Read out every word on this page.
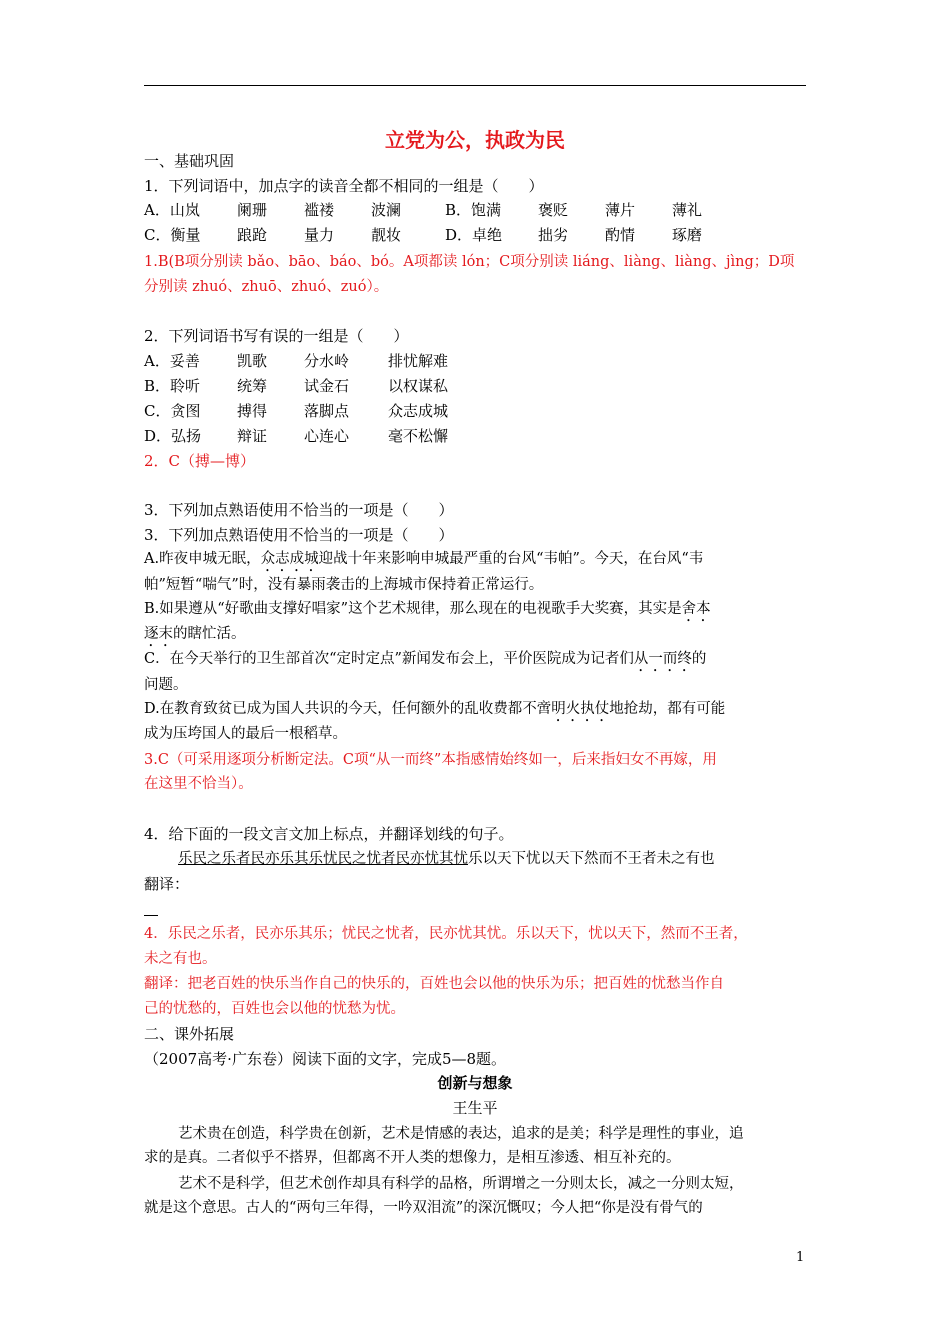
立党为公，执政为民
一、基础巩固
1．下列词语中，加点字的读音全都不相同的一组是（　　）
A．山岚 阑珊 褴褛 波澜	B．饱满 褒贬 薄片 薄礼
C．衡量 踉跄 量力 靓妆	D．卓绝 拙劣 酌情 琢磨
1.B(B项分别读 bǎo、bāo、báo、bó。A项都读 lón；C项分别读 liáng、liàng、liàng、jìng；D项
分别读 zhuó、zhuō、zhuó、zuó）。
2．下列词语书写有误的一组是（　　）
A．妥善 凯歌 分水岭	排忧解难
B．聆听 统筹 试金石	以权谋私
C．贪图 搏得 落脚点	众志成城
D．弘扬 辩证 心连心	毫不松懈
2．C（搏—博）
3．下列加点熟语使用不恰当的一项是（　　）
3．下列加点熟语使用不恰当的一项是（　　）
A.昨夜申城无眠，众志成城迎战十年来影响申城最严重的台风“韦帕”。今天，在台风“韦
帕”短暂“喘气”时，没有暴雨袭击的上海城市保持着正常运行。
B.如果遵从“好歌曲支撑好唱家”这个艺术规律，那么现在的电视歌手大奖赛，其实是舍本
逐末的瞎忙活。
C．在今天举行的卫生部首次“定时定点”新闻发布会上，平价医院成为记者们从一而终的
问题。
D.在教育致贫已成为国人共识的今天，任何额外的乱收费都不啻明火执仗地抢劫，都有可能
成为压垮国人的最后一根稻草。
3.C（可采用逐项分析断定法。C项“从一而终”本指感情始终如一，后来指妇女不再嫁，用
在这里不恰当）。
4．给下面的一段文言文加上标点，并翻译划线的句子。
乐民之乐者民亦乐其乐忧民之忧者民亦忧其忧乐以天下忧以天下然而不王者未之有也
翻译：
4．乐民之乐者，民亦乐其乐；忧民之忧者，民亦忧其忧。乐以天下，忧以天下，然而不王者，
未之有也。
翻译：把老百姓的快乐当作自己的快乐的，百姓也会以他的快乐为乐；把百姓的忧愁当作自
己的忧愁的，百姓也会以他的忧愁为忧。
二、课外拓展
（2007高考·广东卷）阅读下面的文字，完成5—8题。
创新与想象
王生平
艺术贵在创造，科学贵在创新，艺术是情感的表达，追求的是美；科学是理性的事业，追
求的是真。二者似乎不搭界，但都离不开人类的想像力，是相互渗透、相互补充的。
艺术不是科学，但艺术创作却具有科学的品格，所谓增之一分则太长，减之一分则太短，
就是这个意思。古人的“两句三年得，一吟双泪流”的深沉慨叹；今人把“你是没有骨气的
1
